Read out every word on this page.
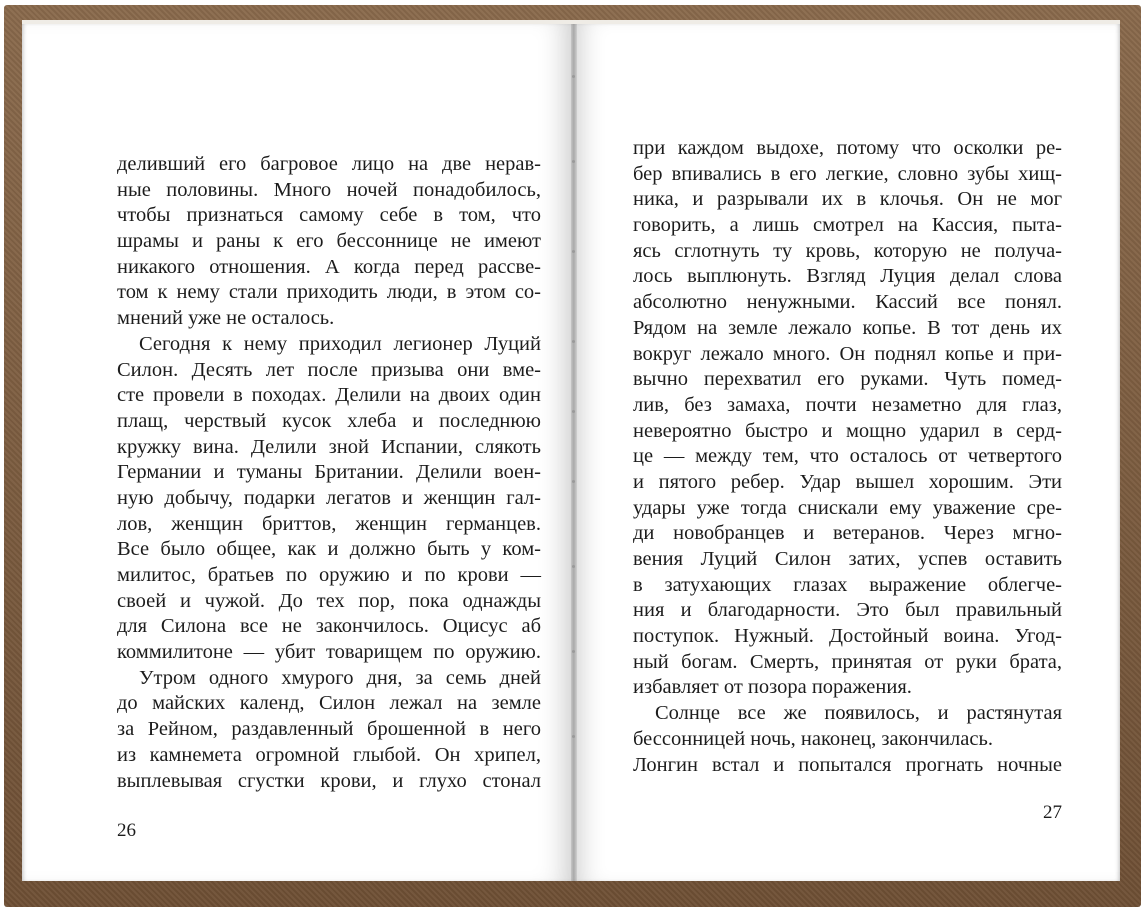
деливший его багровое лицо на две нерав-
ные половины. Много ночей понадобилось,
чтобы признаться самому себе в том, что
шрамы и раны к его бессоннице не имеют
никакого отношения. А когда перед рассве-
том к нему стали приходить люди, в этом со-
мнений уже не осталось.
Сегодня к нему приходил легионер Луций
Силон. Десять лет после призыва они вме-
сте провели в походах. Делили на двоих один
плащ, черствый кусок хлеба и последнюю
кружку вина. Делили зной Испании, слякоть
Германии и туманы Британии. Делили воен-
ную добычу, подарки легатов и женщин гал-
лов, женщин бриттов, женщин германцев.
Все было общее, как и должно быть у ком-
милитос, братьев по оружию и по крови —
своей и чужой. До тех пор, пока однажды
для Силона все не закончилось. Оцисус аб
коммилитоне — убит товарищем по оружию.
Утром одного хмурого дня, за семь дней
до майских календ, Силон лежал на земле
за Рейном, раздавленный брошенной в него
из камнемета огромной глыбой. Он хрипел,
выплевывая сгустки крови, и глухо стонал

26

при каждом выдохе, потому что осколки ре-
бер впивались в его легкие, словно зубы хищ-
ника, и разрывали их в клочья. Он не мог
говорить, а лишь смотрел на Кассия, пыта-
ясь сглотнуть ту кровь, которую не получа-
лось выплюнуть. Взгляд Луция делал слова
абсолютно ненужными. Кассий все понял.
Рядом на земле лежало копье. В тот день их
вокруг лежало много. Он поднял копье и при-
вычно перехватил его руками. Чуть помед-
лив, без замаха, почти незаметно для глаз,
невероятно быстро и мощно ударил в серд-
це — между тем, что осталось от четвертого
и пятого ребер. Удар вышел хорошим. Эти
удары уже тогда снискали ему уважение сре-
ди новобранцев и ветеранов. Через мгно-
вения Луций Силон затих, успев оставить
в затухающих глазах выражение облегче-
ния и благодарности. Это был правильный
поступок. Нужный. Достойный воина. Угод-
ный богам. Смерть, принятая от руки брата,
избавляет от позора поражения.
Солнце все же появилось, и растянутая
бессонницей ночь, наконец, закончилась.
Лонгин встал и попытался прогнать ночные

27
